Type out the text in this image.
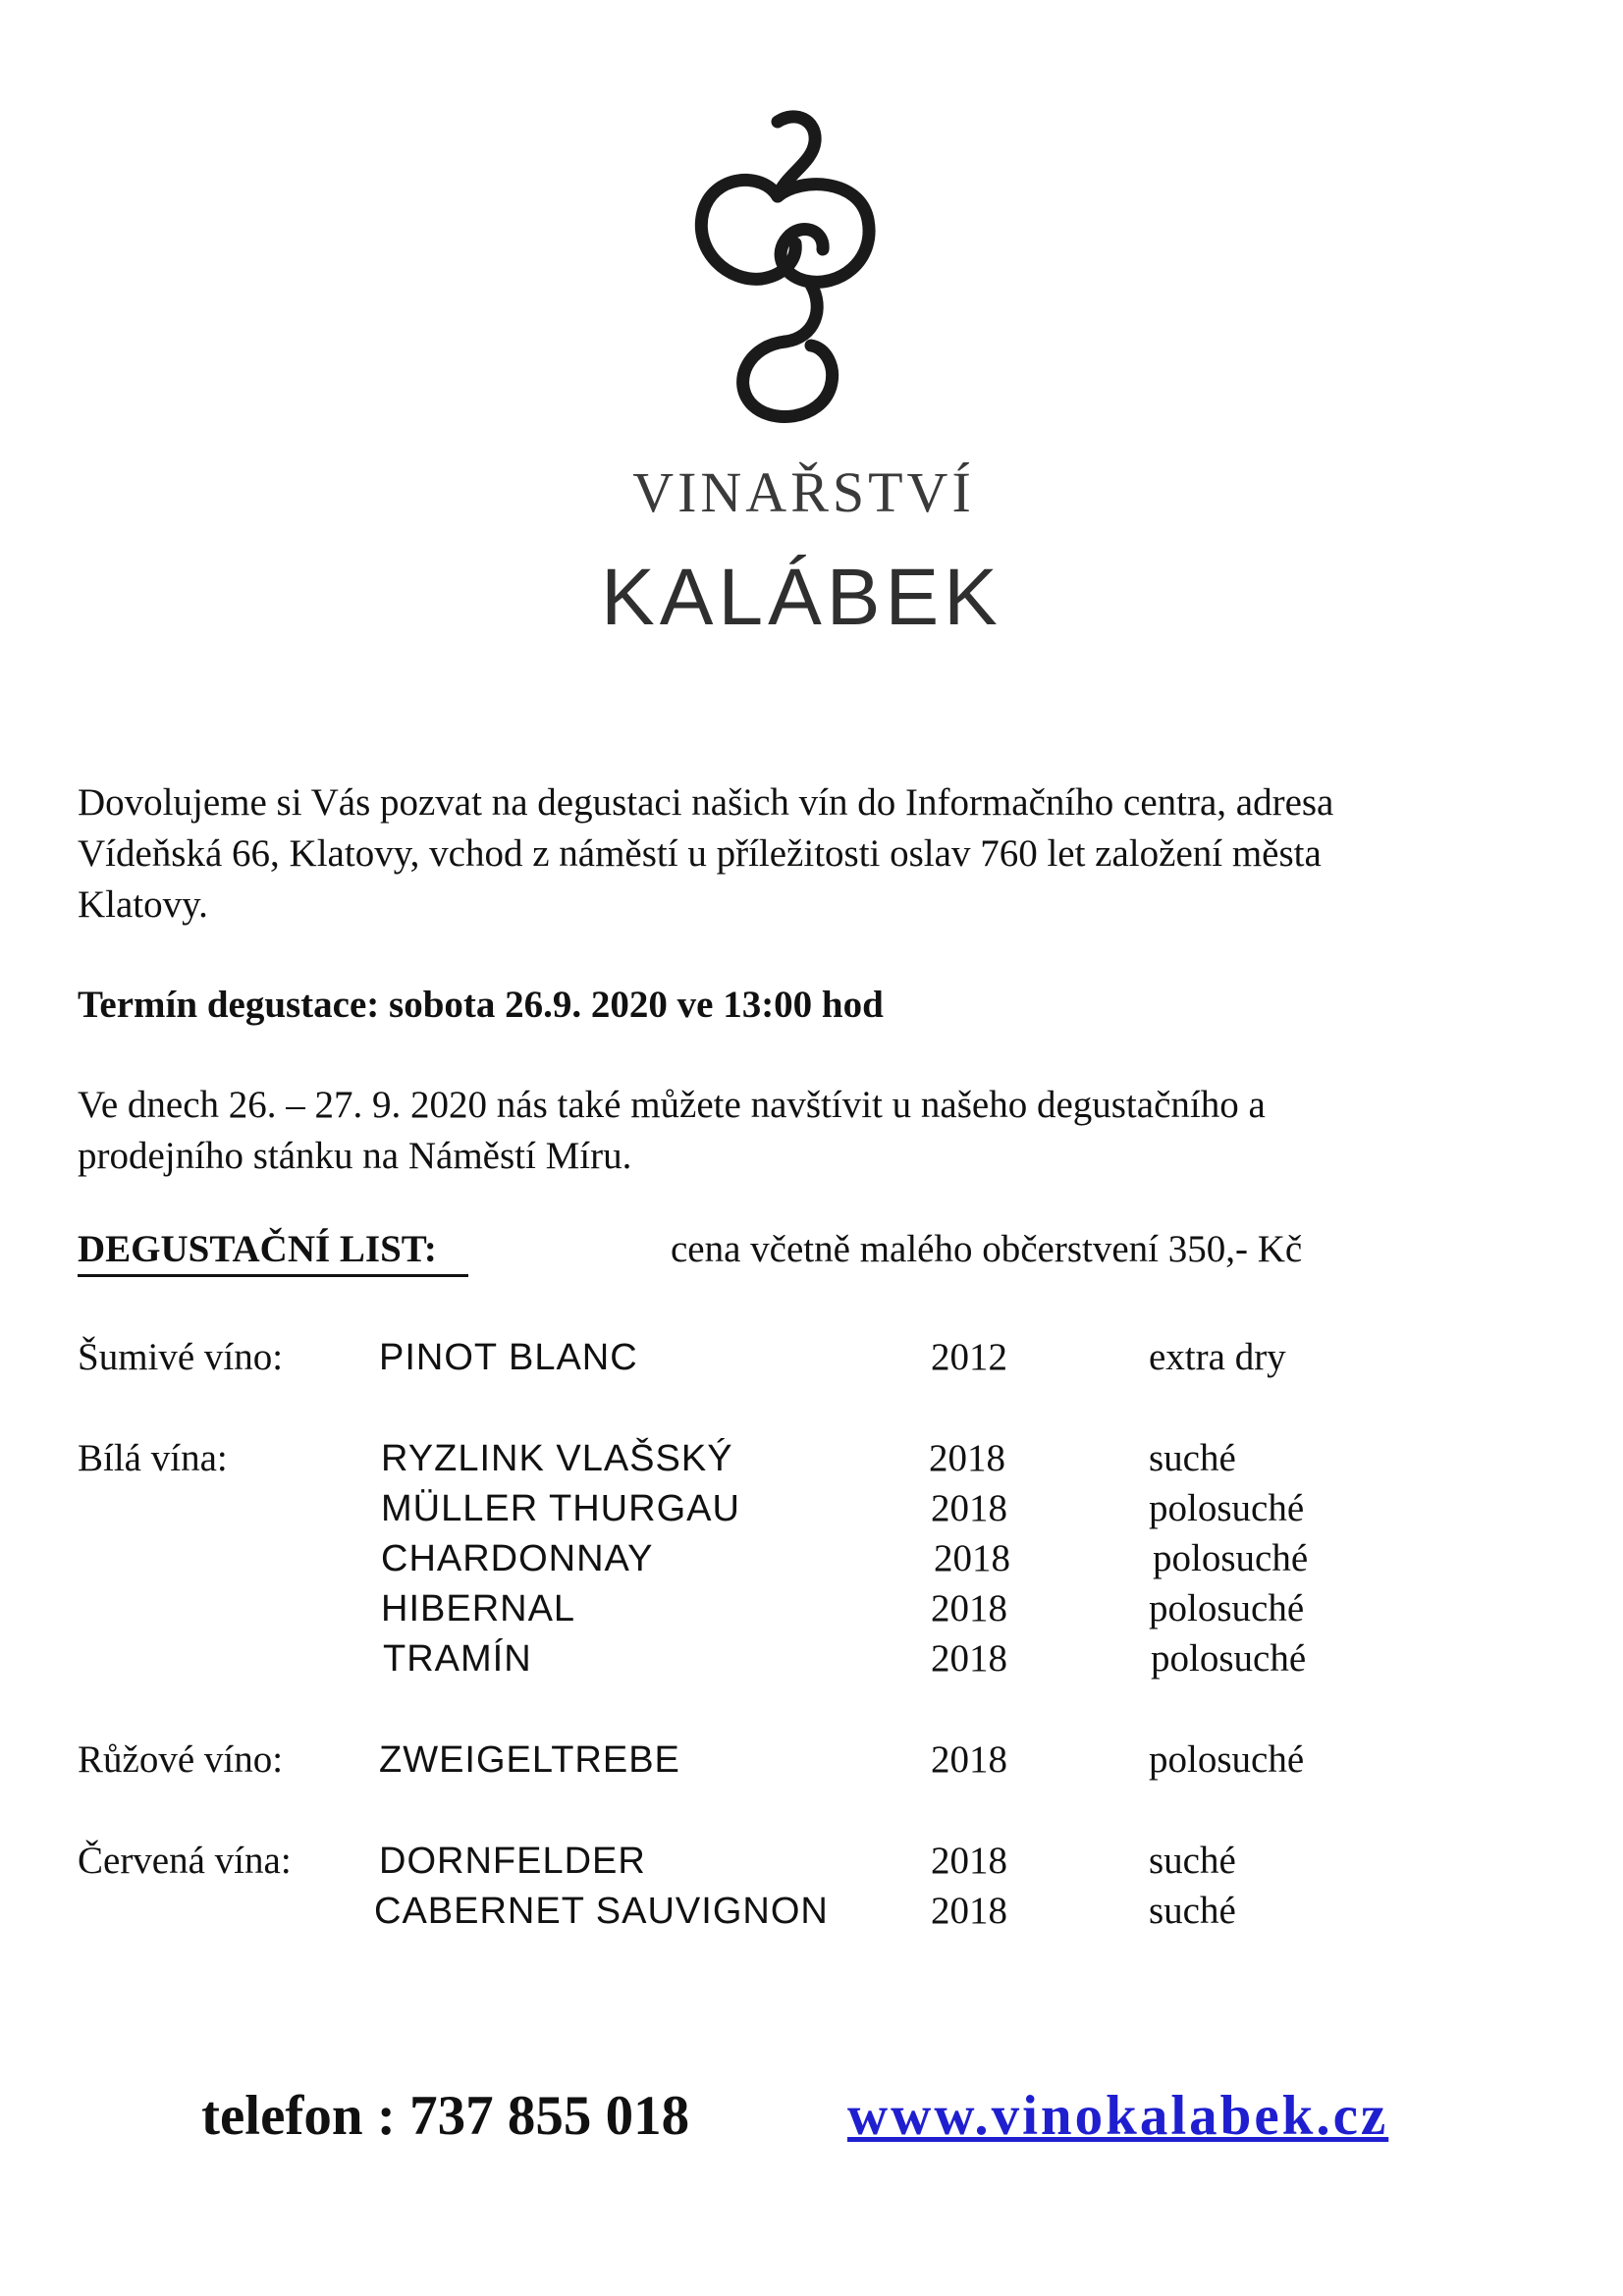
VINAŘSTVÍ
KALÁBEK
Dovolujeme si Vás pozvat na degustaci našich vín do Informačního centra, adresa
Vídeňská 66, Klatovy, vchod z náměstí u příležitosti oslav 760 let založení města
Klatovy.
Termín degustace: sobota 26.9. 2020 ve 13:00 hod
Ve dnech 26. – 27. 9. 2020 nás také můžete navštívit u našeho degustačního a
prodejního stánku na Náměstí Míru.
DEGUSTAČNÍ LIST:	cena včetně malého občerstvení 350,- Kč
Šumivé víno:	PINOT BLANC	2012	extra dry
Bílá vína:	RYZLINK VLAŠSKÝ	2018	suché
MÜLLER THURGAU	2018	polosuché
CHARDONNAY	2018	polosuché
HIBERNAL	2018	polosuché
TRAMÍN	2018	polosuché
Růžové víno:	ZWEIGELTREBE	2018	polosuché
Červená vína: DORNFELDER	2018	suché
CABERNET SAUVIGNON	2018	suché
telefon : 737 855 018	www.vinokalabek.cz
